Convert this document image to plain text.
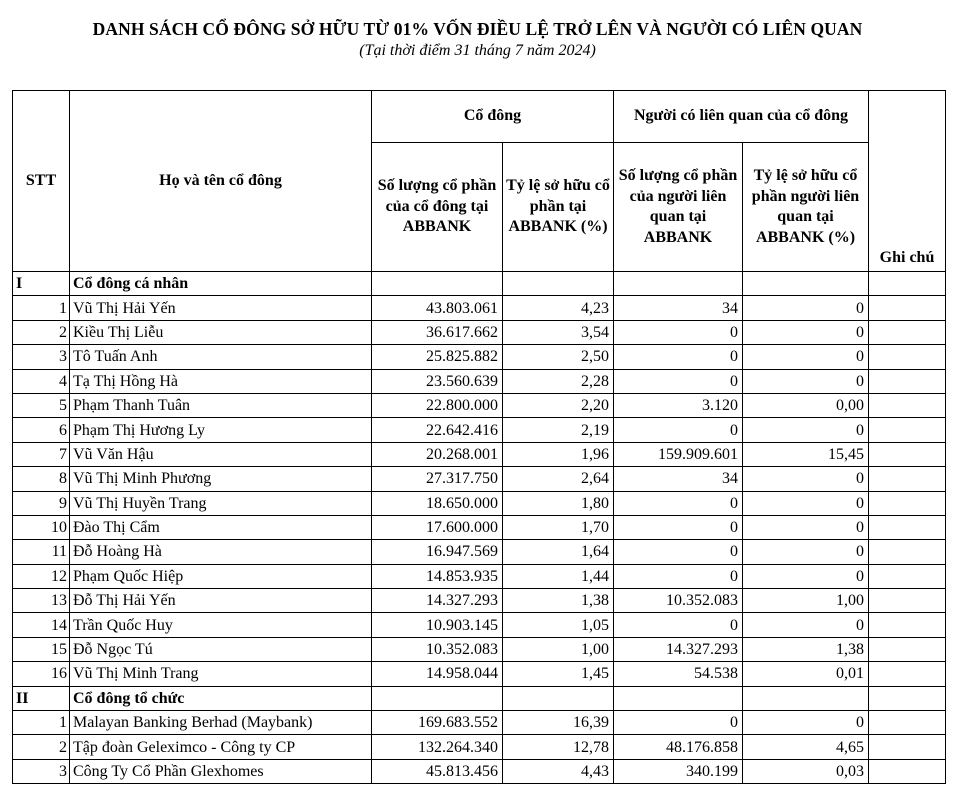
DANH SÁCH CỔ ĐÔNG SỞ HỮU TỪ 01% VỐN ĐIỀU LỆ TRỞ LÊN VÀ NGƯỜI CÓ LIÊN QUAN
(Tại thời điểm 31 tháng 7 năm 2024)
STT	Họ và tên cổ đông	Cổ đông		Người có liên quan của cổ đông		Ghi chú
		Số lượng cổ phần của cổ đông tại ABBANK	Tỷ lệ sở hữu cổ phần tại ABBANK (%)	Số lượng cổ phần của người liên quan tại ABBANK	Tỷ lệ sở hữu cổ phần người liên quan tại ABBANK (%)	
I	Cổ đông cá nhân					
1	Vũ Thị Hải Yến	43.803.061	4,23	34	0	
2	Kiều Thị Liễu	36.617.662	3,54	0	0	
3	Tô Tuấn Anh	25.825.882	2,50	0	0	
4	Tạ Thị Hồng Hà	23.560.639	2,28	0	0	
5	Phạm Thanh Tuân	22.800.000	2,20	3.120	0,00	
6	Phạm Thị Hương Ly	22.642.416	2,19	0	0	
7	Vũ Văn Hậu	20.268.001	1,96	159.909.601	15,45	
8	Vũ Thị Minh Phương	27.317.750	2,64	34	0	
9	Vũ Thị Huyền Trang	18.650.000	1,80	0	0	
10	Đào Thị Cẩm	17.600.000	1,70	0	0	
11	Đỗ Hoàng Hà	16.947.569	1,64	0	0	
12	Phạm Quốc Hiệp	14.853.935	1,44	0	0	
13	Đỗ Thị Hải Yến	14.327.293	1,38	10.352.083	1,00	
14	Trần Quốc Huy	10.903.145	1,05	0	0	
15	Đỗ Ngọc Tú	10.352.083	1,00	14.327.293	1,38	
16	Vũ Thị Minh Trang	14.958.044	1,45	54.538	0,01	
II	Cổ đông tổ chức					
1	Malayan Banking Berhad (Maybank)	169.683.552	16,39	0	0	
2	Tập đoàn Geleximco - Công ty CP	132.264.340	12,78	48.176.858	4,65	
3	Công Ty Cổ Phần Glexhomes	45.813.456	4,43	340.199	0,03	
